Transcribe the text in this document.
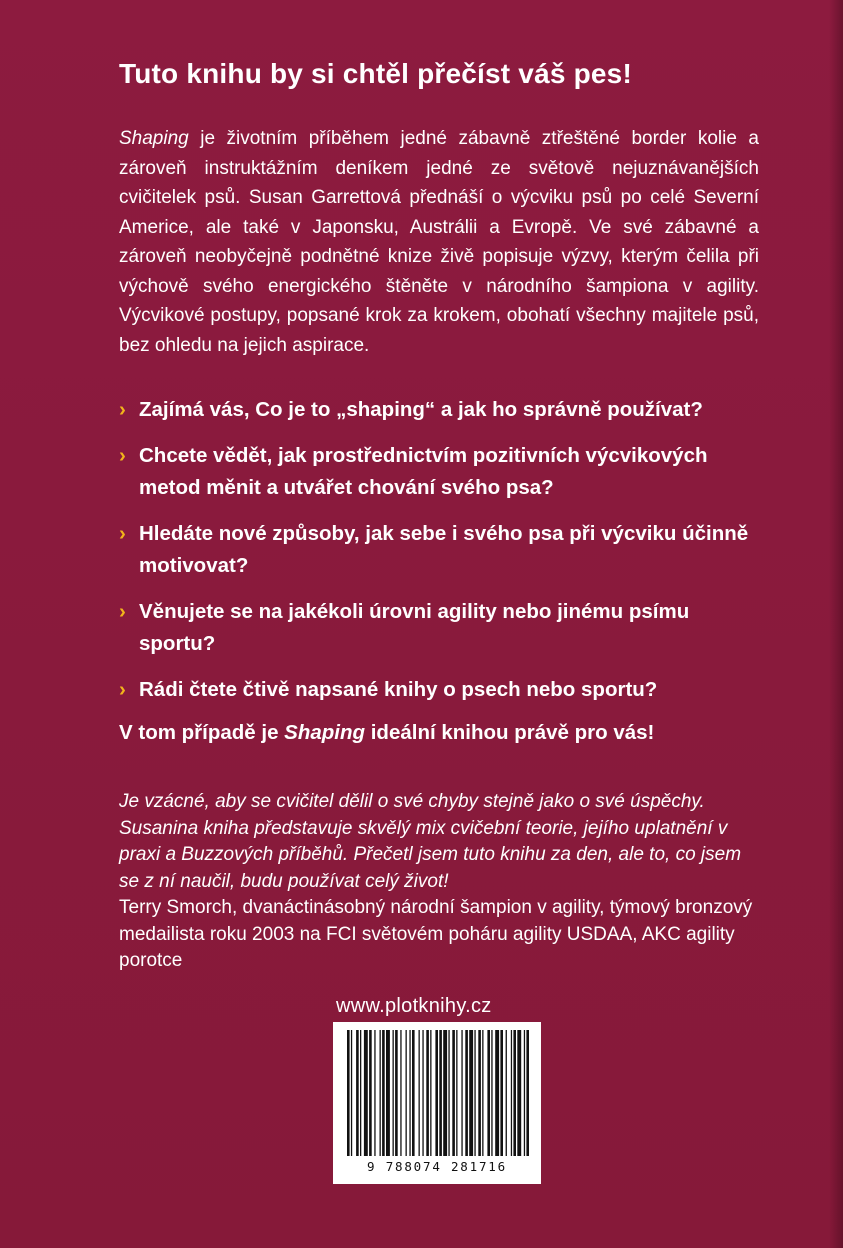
Tuto knihu by si chtěl přečíst váš pes!

Shaping je životním příběhem jedné zábavně ztřeštěné border kolie a zároveň instruktážním deníkem jedné ze světově nejuznávanějších cvičitelek psů. Susan Garrettová přednáší o výcviku psů po celé Severní Americe, ale také v Japonsku, Austrálii a Evropě. Ve své zábavné a zároveň neobyčejně podnětné knize živě popisuje výzvy, kterým čelila při výchově svého energického štěněte v národního šampiona v agility. Výcvikové postupy, popsané krok za krokem, obohatí všechny majitele psů, bez ohledu na jejich aspirace.

› Zajímá vás, Co je to „shaping“ a jak ho správně používat?
› Chcete vědět, jak prostřednictvím pozitivních výcvikových metod měnit a utvářet chování svého psa?
› Hledáte nové způsoby, jak sebe i svého psa při výcviku účinně motivovat?
› Věnujete se na jakékoli úrovni agility nebo jinému psímu sportu?
› Rádi čtete čtivě napsané knihy o psech nebo sportu?

V tom případě je Shaping ideální knihou právě pro vás!

Je vzácné, aby se cvičitel dělil o své chyby stejně jako o své úspěchy. Susanina kniha představuje skvělý mix cvičební teorie, jejího uplatnění v praxi a Buzzových příběhů. Přečetl jsem tuto knihu za den, ale to, co jsem se z ní naučil, budu používat celý život!

Terry Smorch, dvanáctinásobný národní šampion v agility, týmový bronzový medailista roku 2003 na FCI světovém poháru agility USDAA, AKC agility porotce

www.plotknihy.cz
9 788074 281716
